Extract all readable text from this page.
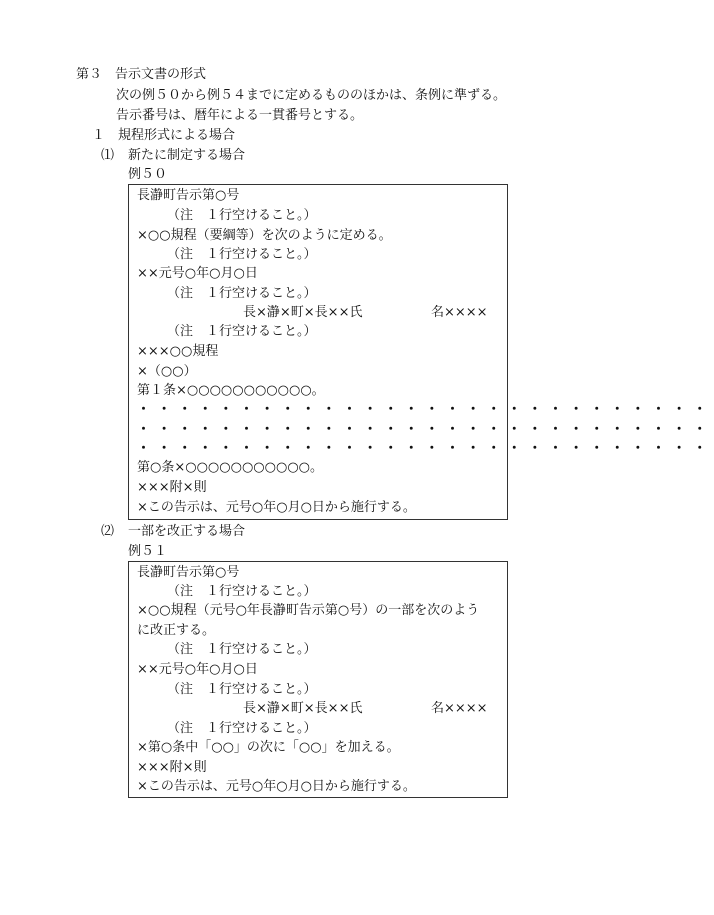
第３　告示文書の形式
次の例５０から例５４までに定めるもののほかは、条例に準ずる。
告示番号は、暦年による一貫番号とする。
１　規程形式による場合
⑴ 新たに制定する場合
例５０
長瀞町告示第○号
（注　１行空けること。）
×○○規程（要綱等）を次のように定める。
（注　１行空けること。）
××元号○年○月○日
（注　１行空けること。）
長×瀞×町×長××氏	名××××
（注　１行空けること。）
×××○○規程
×（○○）
第１条×○○○○○○○○○○○。
・・・・・・・・・・・・・・・・・・・・・・・・・・・・
・・・・・・・・・・・・・・・・・・・・・・・・・・・・
・・・・・・・・・・・・・・・・・・・・・・・・・・・・
第○条×○○○○○○○○○○○。
×××附×則
×この告示は、元号○年○月○日から施行する。
⑵ 一部を改正する場合
例５１
長瀞町告示第○号
（注　１行空けること。）
×○○規程（元号○年長瀞町告示第○号）の一部を次のよう
に改正する。
（注　１行空けること。）
××元号○年○月○日
（注　１行空けること。）
長×瀞×町×長××氏	名××××
（注　１行空けること。）
×第○条中「○○」の次に「○○」を加える。
×××附×則
×この告示は、元号○年○月○日から施行する。
